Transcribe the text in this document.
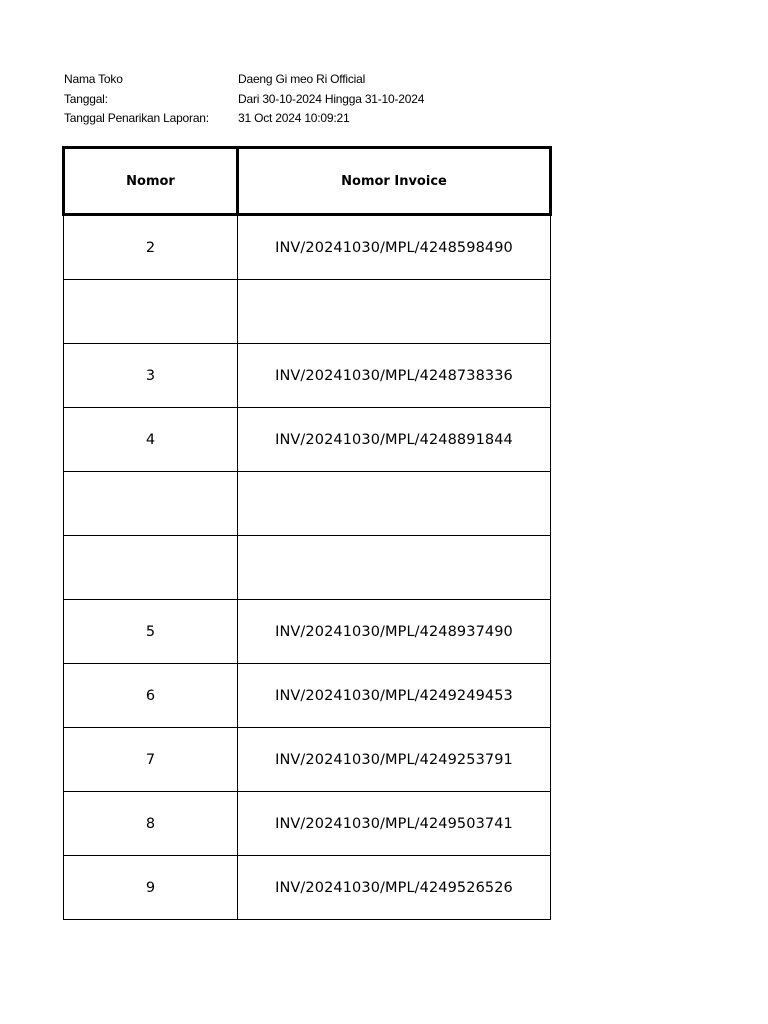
Nama Toko	Daeng Gi meo Ri Official
Tanggal:	Dari 30-10-2024 Hingga 31-10-2024
Tanggal Penarikan Laporan:	31 Oct 2024 10:09:21
Nomor	Nomor Invoice
2	INV/20241030/MPL/4248598490

3	INV/20241030/MPL/4248738336
4	INV/20241030/MPL/4248891844

5	INV/20241030/MPL/4248937490
6	INV/20241030/MPL/4249249453
7	INV/20241030/MPL/4249253791
8	INV/20241030/MPL/4249503741
9	INV/20241030/MPL/4249526526
